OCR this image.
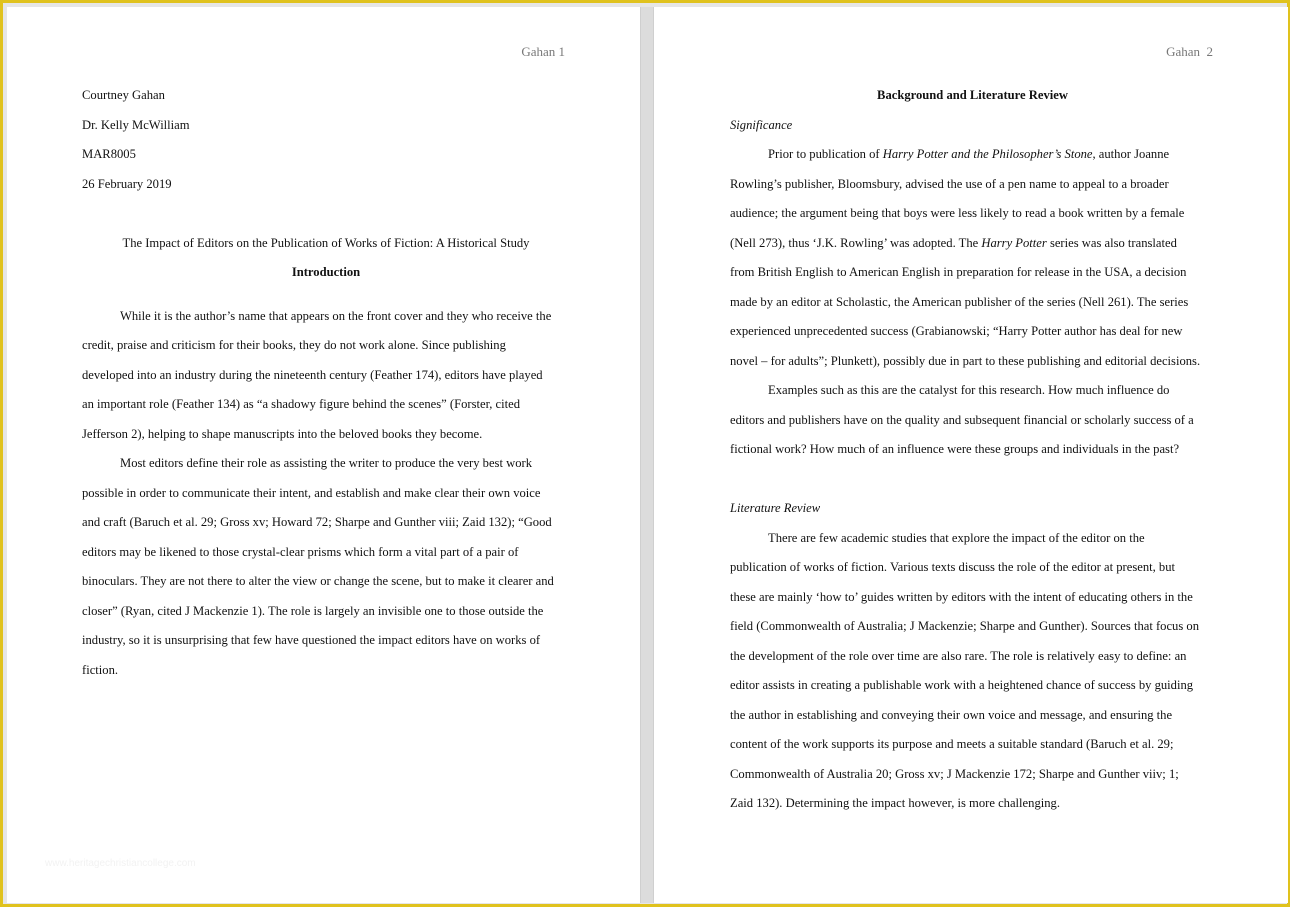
Gahan 1
Courtney Gahan
Dr. Kelly McWilliam
MAR8005
26 February 2019
The Impact of Editors on the Publication of Works of Fiction: A Historical Study
Introduction
While it is the author’s name that appears on the front cover and they who receive the
credit, praise and criticism for their books, they do not work alone. Since publishing
developed into an industry during the nineteenth century (Feather 174), editors have played
an important role (Feather 134) as “a shadowy figure behind the scenes” (Forster, cited
Jefferson 2), helping to shape manuscripts into the beloved books they become.
Most editors define their role as assisting the writer to produce the very best work
possible in order to communicate their intent, and establish and make clear their own voice
and craft (Baruch et al. 29; Gross xv; Howard 72; Sharpe and Gunther viii; Zaid 132); “Good
editors may be likened to those crystal-clear prisms which form a vital part of a pair of
binoculars. They are not there to alter the view or change the scene, but to make it clearer and
closer” (Ryan, cited J Mackenzie 1). The role is largely an invisible one to those outside the
industry, so it is unsurprising that few have questioned the impact editors have on works of
fiction.
www.heritagechristiancollege.com
Gahan  2
Background and Literature Review
Significance
Prior to publication of Harry Potter and the Philosopher’s Stone, author Joanne
Rowling’s publisher, Bloomsbury, advised the use of a pen name to appeal to a broader
audience; the argument being that boys were less likely to read a book written by a female
(Nell 273), thus ‘J.K. Rowling’ was adopted. The Harry Potter series was also translated
from British English to American English in preparation for release in the USA, a decision
made by an editor at Scholastic, the American publisher of the series (Nell 261). The series
experienced unprecedented success (Grabianowski; “Harry Potter author has deal for new
novel – for adults”; Plunkett), possibly due in part to these publishing and editorial decisions.
Examples such as this are the catalyst for this research. How much influence do
editors and publishers have on the quality and subsequent financial or scholarly success of a
fictional work? How much of an influence were these groups and individuals in the past?
Literature Review
There are few academic studies that explore the impact of the editor on the
publication of works of fiction. Various texts discuss the role of the editor at present, but
these are mainly ‘how to’ guides written by editors with the intent of educating others in the
field (Commonwealth of Australia; J Mackenzie; Sharpe and Gunther). Sources that focus on
the development of the role over time are also rare. The role is relatively easy to define: an
editor assists in creating a publishable work with a heightened chance of success by guiding
the author in establishing and conveying their own voice and message, and ensuring the
content of the work supports its purpose and meets a suitable standard (Baruch et al. 29;
Commonwealth of Australia 20; Gross xv; J Mackenzie 172; Sharpe and Gunther viiv; 1;
Zaid 132). Determining the impact however, is more challenging.
